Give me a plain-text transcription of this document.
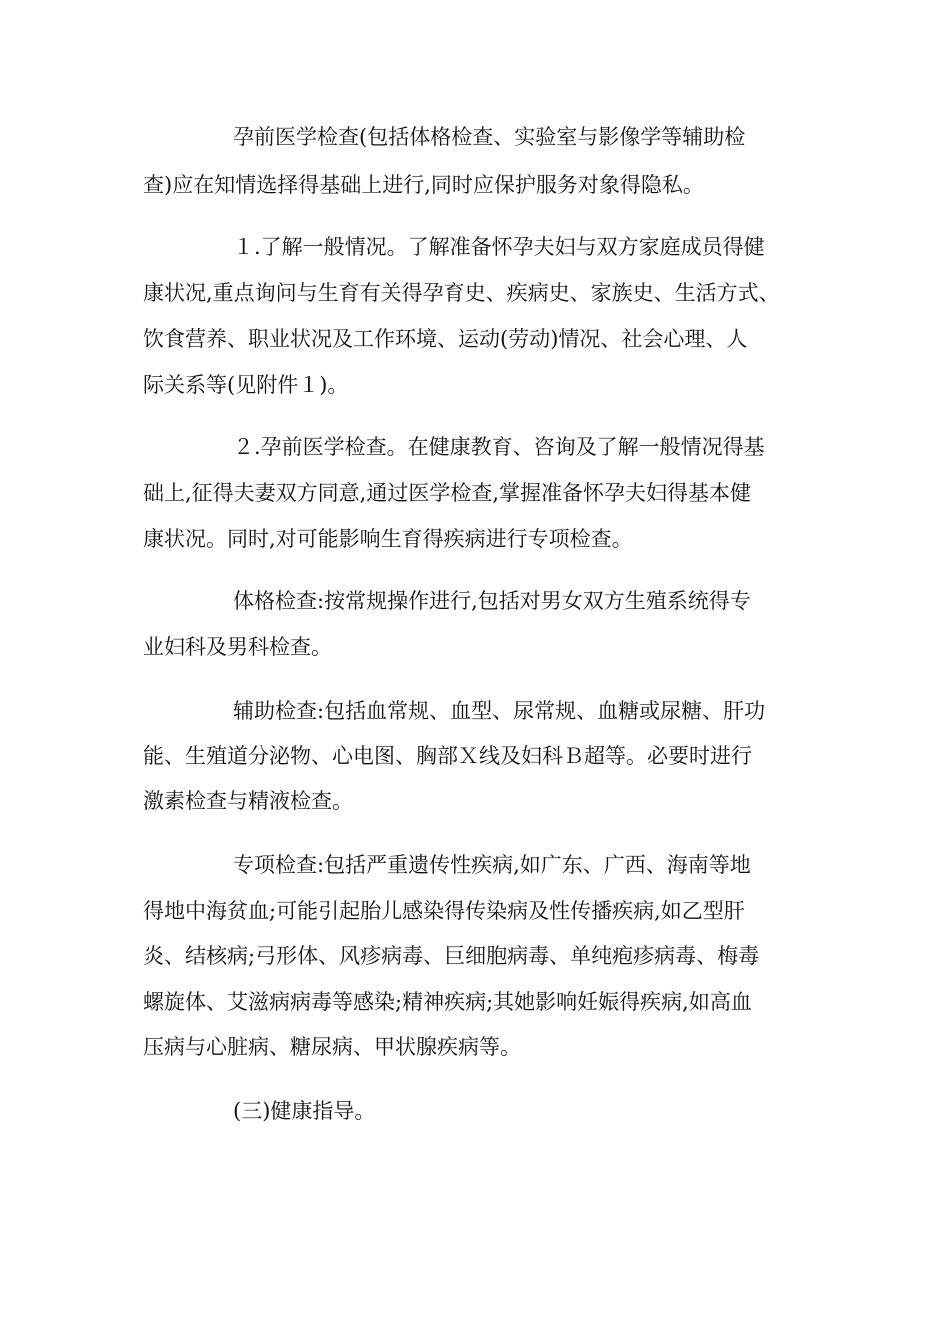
孕前医学检查(包括体格检查、实验室与影像学等辅助检

查)应在知情选择得基础上进行,同时应保护服务对象得隐私。

１.了解一般情况。了解准备怀孕夫妇与双方家庭成员得健

康状况,重点询问与生育有关得孕育史、疾病史、家族史、生活方式、

饮食营养、职业状况及工作环境、运动(劳动)情况、社会心理、人

际关系等(见附件１)。

２.孕前医学检查。在健康教育、咨询及了解一般情况得基

础上,征得夫妻双方同意,通过医学检查,掌握准备怀孕夫妇得基本健

康状况。同时,对可能影响生育得疾病进行专项检查。

体格检查:按常规操作进行,包括对男女双方生殖系统得专

业妇科及男科检查。

辅助检查:包括血常规、血型、尿常规、血糖或尿糖、肝功

能、生殖道分泌物、心电图、胸部Ｘ线及妇科Ｂ超等。必要时进行

激素检查与精液检查。

专项检查:包括严重遗传性疾病,如广东、广西、海南等地

得地中海贫血;可能引起胎儿感染得传染病及性传播疾病,如乙型肝

炎、结核病;弓形体、风疹病毒、巨细胞病毒、单纯疱疹病毒、梅毒

螺旋体、艾滋病病毒等感染;精神疾病;其她影响妊娠得疾病,如高血

压病与心脏病、糖尿病、甲状腺疾病等。

(三)健康指导。
